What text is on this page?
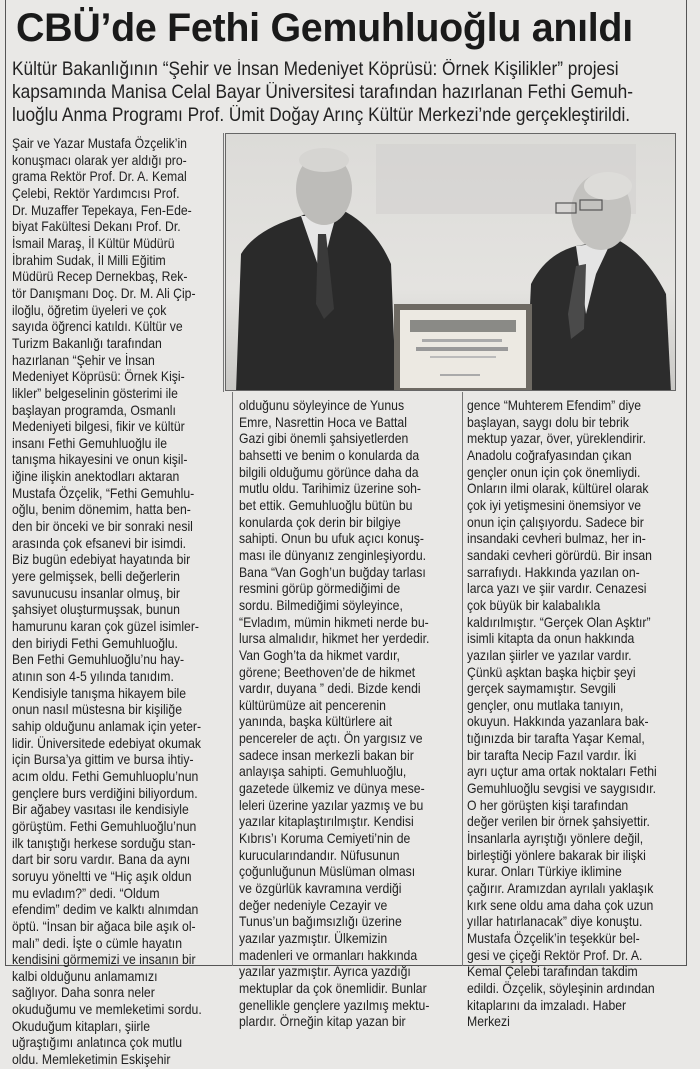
CBÜ’de Fethi Gemuhluoğlu anıldı
Kültür Bakanlığının “Şehir ve İnsan Medeniyet Köprüsü: Örnek Kişilikler” projesi
kapsamında Manisa Celal Bayar Üniversitesi tarafından hazırlanan Fethi Gemuh-
luoğlu Anma Programı Prof. Ümit Doğay Arınç Kültür Merkezi’nde gerçekleştirildi.
Şair ve Yazar Mustafa Özçelik’in
konuşmacı olarak yer aldığı pro-
grama Rektör Prof. Dr. A. Kemal
Çelebi, Rektör Yardımcısı Prof.
Dr. Muzaffer Tepekaya, Fen-Ede-
biyat Fakültesi Dekanı Prof. Dr.
İsmail Maraş, İl Kültür Müdürü
İbrahim Sudak, İl Milli Eğitim
Müdürü Recep Dernekbaş, Rek-
tör Danışmanı Doç. Dr. M. Ali Çip-
iloğlu, öğretim üyeleri ve çok
sayıda öğrenci katıldı. Kültür ve
Turizm Bakanlığı tarafından
hazırlanan “Şehir ve İnsan
Medeniyet Köprüsü: Örnek Kişi-
likler” belgeselinin gösterimi ile
başlayan programda, Osmanlı
Medeniyeti bilgesi, fikir ve kültür
insanı Fethi Gemuhluoğlu ile
tanışma hikayesini ve onun kişil-
iğine ilişkin anektodları aktaran
Mustafa Özçelik, “Fethi Gemuhlu-
oğlu, benim dönemim, hatta ben-
den bir önceki ve bir sonraki nesil
arasında çok efsanevi bir isimdi.
Biz bugün edebiyat hayatında bir
yere gelmişsek, belli değerlerin
savunucusu insanlar olmuş, bir
şahsiyet oluşturmuşsak, bunun
hamurunu karan çok güzel isimler-
den biriydi Fethi Gemuhluoğlu.
Ben Fethi Gemuhluoğlu’nu hay-
atının son 4-5 yılında tanıdım.
Kendisiyle tanışma hikayem bile
onun nasıl müstesna bir kişiliğe
sahip olduğunu anlamak için yeter-
lidir. Üniversitede edebiyat okumak
için Bursa’ya gittim ve bursa ihtiy-
acım oldu. Fethi Gemuhluoplu’nun
gençlere burs verdiğini biliyordum.
Bir ağabey vasıtası ile kendisiyle
görüştüm. Fethi Gemuhluoğlu’nun
ilk tanıştığı herkese sorduğu stan-
dart bir soru vardır. Bana da aynı
soruyu yöneltti ve “Hiç aşık oldun
mu evladım?” dedi. “Oldum
efendim” dedim ve kalktı alnımdan
öptü. “İnsan bir ağaca bile aşık ol-
malı” dedi. İşte o cümle hayatın
kendisini görmemizi ve insanın bir
kalbi olduğunu anlamamızı
sağlıyor. Daha sonra neler
okuduğumu ve memleketimi sordu.
Okuduğum kitapları, şiirle
uğraştığımı anlatınca çok mutlu
oldu. Memleketimin Eskişehir
olduğunu söyleyince de Yunus
Emre, Nasrettin Hoca ve Battal
Gazi gibi önemli şahsiyetlerden
bahsetti ve benim o konularda da
bilgili olduğumu görünce daha da
mutlu oldu. Tarihimiz üzerine soh-
bet ettik. Gemuhluoğlu bütün bu
konularda çok derin bir bilgiye
sahipti. Onun bu ufuk açıcı konuş-
ması ile dünyanız zenginleşiyordu.
Bana “Van Gogh’un buğday tarlası
resmini görüp görmediğimi de
sordu. Bilmediğimi söyleyince,
“Evladım, mümin hikmeti nerde bu-
lursa almalıdır, hikmet her yerdedir.
Van Gogh’ta da hikmet vardır,
görene; Beethoven’de de hikmet
vardır, duyana ” dedi. Bizde kendi
kültürümüze ait pencerenin
yanında, başka kültürlere ait
pencereler de açtı. Ön yargısız ve
sadece insan merkezli bakan bir
anlayışa sahipti. Gemuhluoğlu,
gazetede ülkemiz ve dünya mese-
leleri üzerine yazılar yazmış ve bu
yazılar kitaplaştırılmıştır. Kendisi
Kıbrıs’ı Koruma Cemiyeti’nin de
kurucularındandır. Nüfusunun
çoğunluğunun Müslüman olması
ve özgürlük kavramına verdiği
değer nedeniyle Cezayir ve
Tunus’un bağımsızlığı üzerine
yazılar yazmıştır. Ülkemizin
madenleri ve ormanları hakkında
yazılar yazmıştır. Ayrıca yazdığı
mektuplar da çok önemlidir. Bunlar
genellikle gençlere yazılmış mektu-
plardır. Örneğin kitap yazan bir
gence “Muhterem Efendim” diye
başlayan, saygı dolu bir tebrik
mektup yazar, över, yüreklendirir.
Anadolu coğrafyasından çıkan
gençler onun için çok önemliydi.
Onların ilmi olarak, kültürel olarak
çok iyi yetişmesini önemsiyor ve
onun için çalışıyordu. Sadece bir
insandaki cevheri bulmaz, her in-
sandaki cevheri görürdü. Bir insan
sarrafıydı. Hakkında yazılan on-
larca yazı ve şiir vardır. Cenazesi
çok büyük bir kalabalıkla
kaldırılmıştır. “Gerçek Olan Aşktır”
isimli kitapta da onun hakkında
yazılan şiirler ve yazılar vardır.
Çünkü aşktan başka hiçbir şeyi
gerçek saymamıştır. Sevgili
gençler, onu mutlaka tanıyın,
okuyun. Hakkında yazanlara bak-
tığınızda bir tarafta Yaşar Kemal,
bir tarafta Necip Fazıl vardır. İki
ayrı uçtur ama ortak noktaları Fethi
Gemuhluoğlu sevgisi ve saygısıdır.
O her görüşten kişi tarafından
değer verilen bir örnek şahsiyettir.
İnsanlarla ayrıştığı yönlere değil,
birleştiği yönlere bakarak bir ilişki
kurar. Onları Türkiye iklimine
çağırır. Aramızdan ayrılalı yaklaşık
kırk sene oldu ama daha çok uzun
yıllar hatırlanacak” diye konuştu.
Mustafa Özçelik’in teşekkür bel-
gesi ve çiçeği Rektör Prof. Dr. A.
Kemal Çelebi tarafından takdim
edildi. Özçelik, söyleşinin ardından
kitaplarını da imzaladı. Haber
Merkezi
